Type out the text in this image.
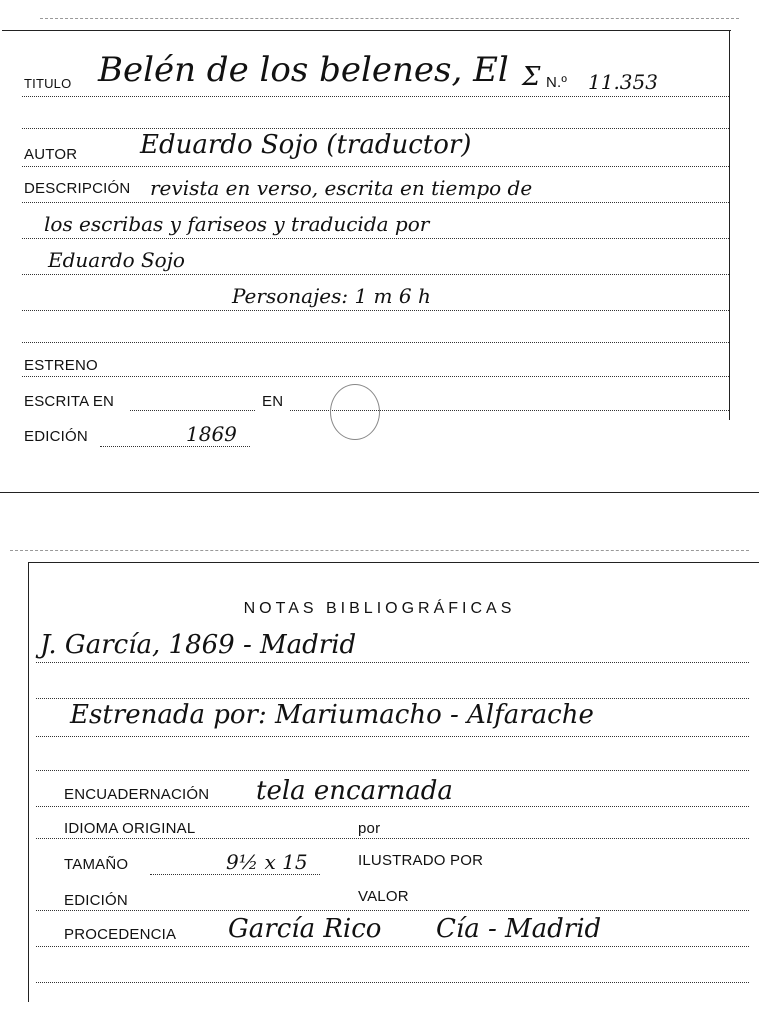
TITULO Belén de los belenes, El Σ N.º 11.353
AUTOR Eduardo Sojo (traductor)
DESCRIPCIÓN revista en verso, escrita en tiempo de
los escribas y fariseos y traducida por
Eduardo Sojo
Personajes: 1 m 6 h
ESTRENO
ESCRITA EN	EN
EDICIÓN	1869
NOTAS BIBLIOGRÁFICAS
J. García, 1869 - Madrid
Estrenada por: Mariumacho - Alfarache
ENCUADERNACIÓN tela encarnada
IDIOMA ORIGINAL	por
TAMAÑO	9½ x 15	ILUSTRADO POR
EDICIÓN	VALOR
PROCEDENCIA García Rico Cía - Madrid
